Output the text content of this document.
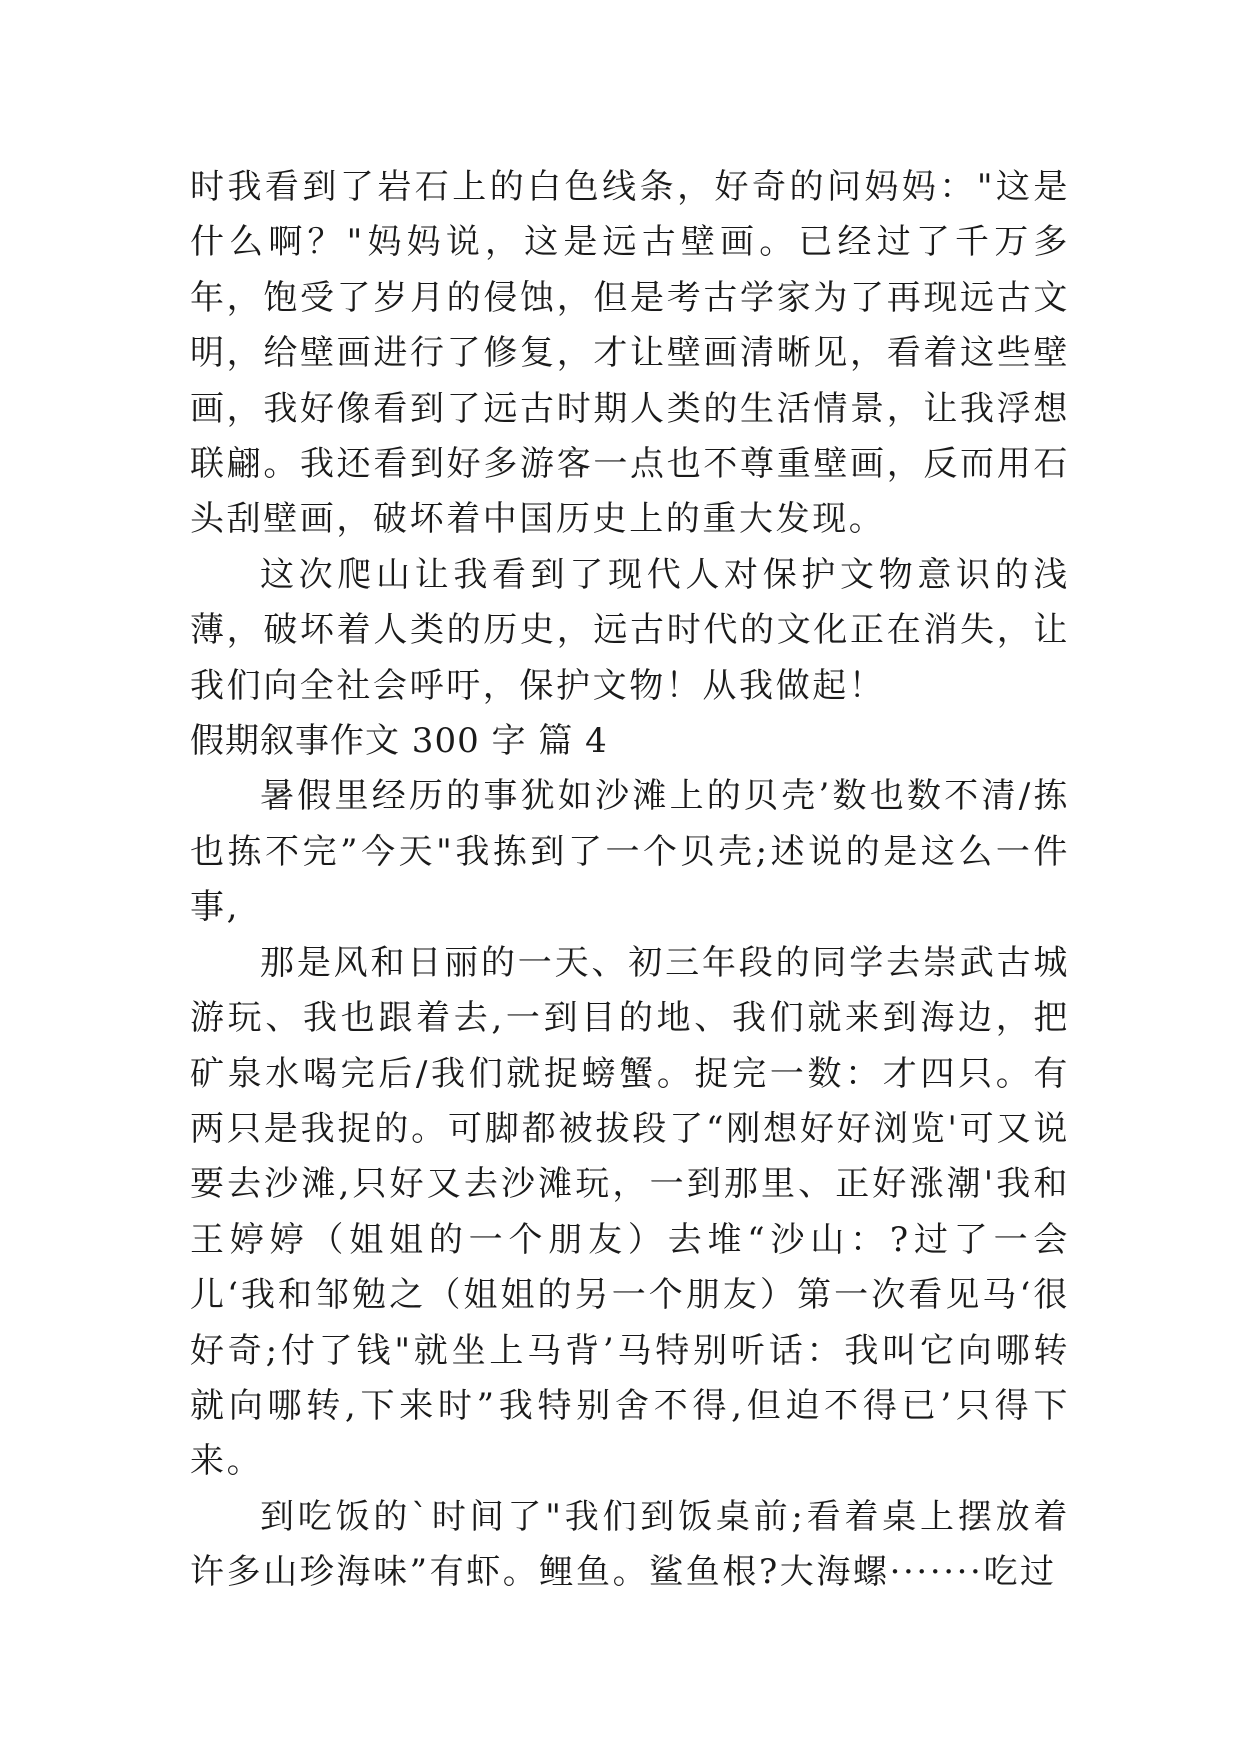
时我看到了岩石上的白色线条，好奇的问妈妈："这是什么啊？"妈妈说，这是远古壁画。已经过了千万多年，饱受了岁月的侵蚀，但是考古学家为了再现远古文明，给壁画进行了修复，才让壁画清晰见，看着这些壁画，我好像看到了远古时期人类的生活情景，让我浮想联翩。我还看到好多游客一点也不尊重壁画，反而用石头刮壁画，破坏着中国历史上的重大发现。

这次爬山让我看到了现代人对保护文物意识的浅薄，破坏着人类的历史，远古时代的文化正在消失，让我们向全社会呼吁，保护文物！从我做起！

假期叙事作文 300 字 篇 4

暑假里经历的事犹如沙滩上的贝壳’数也数不清/拣也拣不完”今天"我拣到了一个贝壳;述说的是这么一件事,

那是风和日丽的一天、初三年段的同学去崇武古城游玩、我也跟着去,一到目的地、我们就来到海边，把矿泉水喝完后/我们就捉螃蟹。捉完一数：才四只。有两只是我捉的。可脚都被拔段了“刚想好好浏览'可又说要去沙滩,只好又去沙滩玩，一到那里、正好涨潮'我和王婷婷（姐姐的一个朋友）去堆“沙山：?过了一会儿‘我和邹勉之（姐姐的另一个朋友）第一次看见马‘很好奇;付了钱"就坐上马背’马特别听话：我叫它向哪转就向哪转,下来时”我特别舍不得,但迫不得已’只得下来。

到吃饭的`时间了"我们到饭桌前;看着桌上摆放着许多山珍海味”有虾。鲤鱼。鲨鱼根?大海螺·······吃过
